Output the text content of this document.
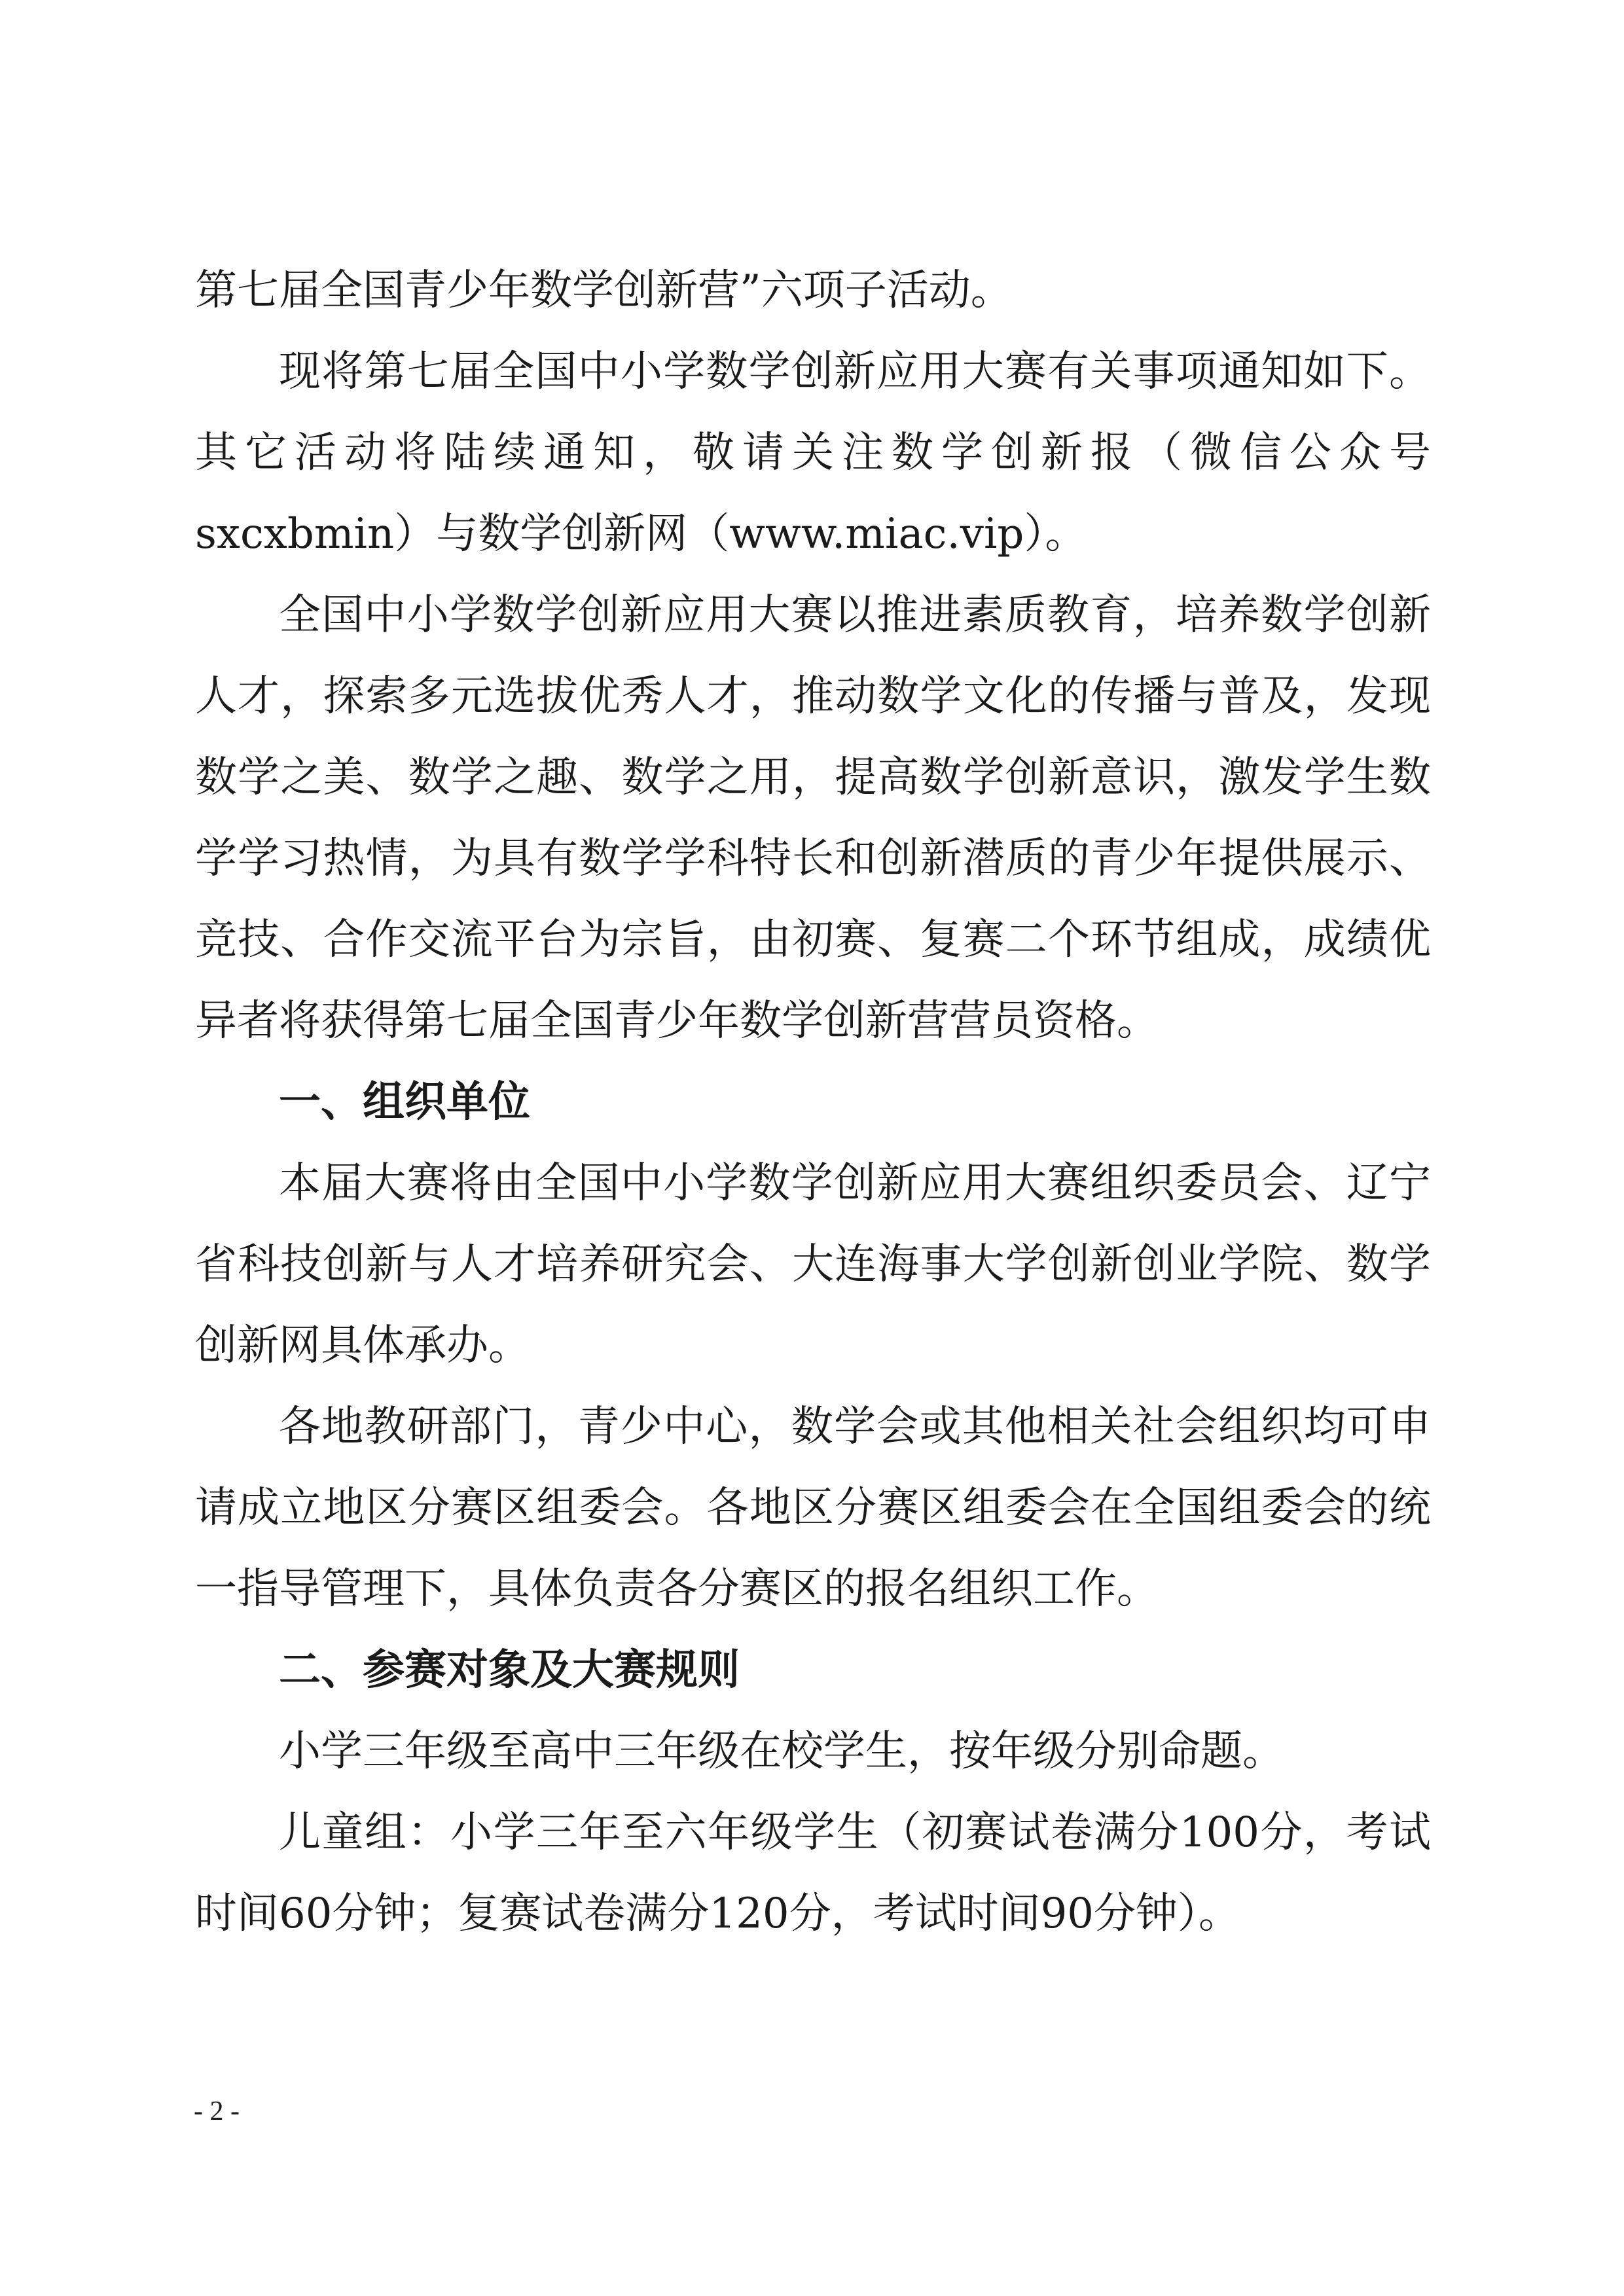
第七届全国青少年数学创新营”六项子活动。

现将第七届全国中小学数学创新应用大赛有关事项通知如下。其它活动将陆续通知，敬请关注数学创新报（微信公众号sxcxbmin）与数学创新网（www.miac.vip）。

全国中小学数学创新应用大赛以推进素质教育，培养数学创新人才，探索多元选拔优秀人才，推动数学文化的传播与普及，发现数学之美、数学之趣、数学之用，提高数学创新意识，激发学生数学学习热情，为具有数学学科特长和创新潜质的青少年提供展示、竞技、合作交流平台为宗旨，由初赛、复赛二个环节组成，成绩优异者将获得第七届全国青少年数学创新营营员资格。

一、组织单位

本届大赛将由全国中小学数学创新应用大赛组织委员会、辽宁省科技创新与人才培养研究会、大连海事大学创新创业学院、数学创新网具体承办。

各地教研部门，青少中心，数学会或其他相关社会组织均可申请成立地区分赛区组委会。各地区分赛区组委会在全国组委会的统一指导管理下，具体负责各分赛区的报名组织工作。

二、参赛对象及大赛规则

小学三年级至高中三年级在校学生，按年级分别命题。

儿童组：小学三年至六年级学生（初赛试卷满分100分，考试时间60分钟；复赛试卷满分120分，考试时间90分钟）。

- 2 -
